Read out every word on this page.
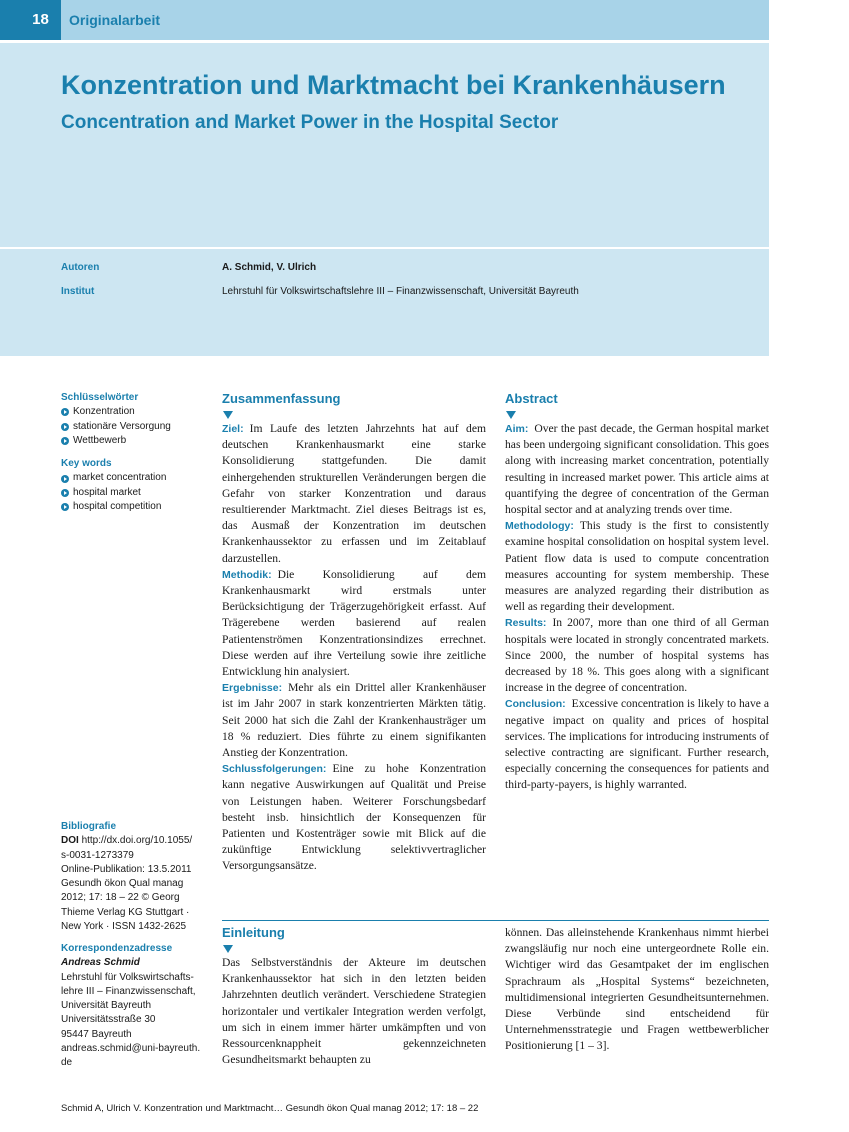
18	Originalarbeit
Konzentration und Marktmacht bei Krankenhäusern
Concentration and Market Power in the Hospital Sector
Autoren	A. Schmid, V. Ulrich
Institut	Lehrstuhl für Volkswirtschaftslehre III – Finanzwissenschaft, Universität Bayreuth
Schlüsselwörter
Konzentration
stationäre Versorgung
Wettbewerb
Key words
market concentration
hospital market
hospital competition
Bibliografie
DOI http://dx.doi.org/10.1055/
s-0031-1273379
Online-Publikation: 13.5.2011
Gesundh ökon Qual manag
2012; 17: 18 – 22 © Georg
Thieme Verlag KG Stuttgart ·
New York · ISSN 1432-2625
Korrespondenzadresse
Andreas Schmid
Lehrstuhl für Volkswirtschafts-
lehre III – Finanzwissenschaft,
Universität Bayreuth
Universitätsstraße 30
95447 Bayreuth
andreas.schmid@uni-bayreuth.
de
Zusammenfassung

Ziel: Im Laufe des letzten Jahrzehnts hat auf dem deutschen Krankenhausmarkt eine starke Konsolidierung stattgefunden. Die damit einhergehenden strukturellen Veränderungen bergen die Gefahr von starker Konzentration und daraus resultierender Marktmacht. Ziel dieses Beitrags ist es, das Ausmaß der Konzentration im deutschen Krankenhaussektor zu erfassen und im Zeitablauf darzustellen.

Methodik: Die Konsolidierung auf dem Krankenhausmarkt wird erstmals unter Berücksichtigung der Trägerzugehörigkeit erfasst. Auf Trägerebene werden basierend auf realen Patientenströmen Konzentrationsindizes errechnet. Diese werden auf ihre Verteilung sowie ihre zeitliche Entwicklung hin analysiert.

Ergebnisse: Mehr als ein Drittel aller Krankenhäuser ist im Jahr 2007 in stark konzentrierten Märkten tätig. Seit 2000 hat sich die Zahl der Krankenhausträger um 18 % reduziert. Dies führte zu einem signifikanten Anstieg der Konzentration.

Schlussfolgerungen: Eine zu hohe Konzentration kann negative Auswirkungen auf Qualität und Preise von Leistungen haben. Weiterer Forschungsbedarf besteht insb. hinsichtlich der Konsequenzen für Patienten und Kostenträger sowie mit Blick auf die zukünftige Entwicklung selektivvertraglicher Versorgungsansätze.

Abstract

Aim: Over the past decade, the German hospital market has been undergoing significant consolidation. This goes along with increasing market concentration, potentially resulting in increased market power. This article aims at quantifying the degree of concentration of the German hospital sector and at analyzing trends over time.

Methodology: This study is the first to consistently examine hospital consolidation on hospital system level. Patient flow data is used to compute concentration measures accounting for system membership. These measures are analyzed regarding their distribution as well as regarding their development.

Results: In 2007, more than one third of all German hospitals were located in strongly concentrated markets. Since 2000, the number of hospital systems has decreased by 18 %. This goes along with a significant increase in the degree of concentration.

Conclusion: Excessive concentration is likely to have a negative impact on quality and prices of hospital services. The implications for introducing instruments of selective contracting are significant. Further research, especially concerning the consequences for patients and third-party-payers, is highly warranted.

Einleitung

Das Selbstverständnis der Akteure im deutschen Krankenhaussektor hat sich in den letzten beiden Jahrzehnten deutlich verändert. Verschiedene Strategien horizontaler und vertikaler Integration werden verfolgt, um sich in einem immer härter umkämpften und von Ressourcenknappheit gekennzeichneten Gesundheitsmarkt behaupten zu

können. Das alleinstehende Krankenhaus nimmt hierbei zwangsläufig nur noch eine untergeordnete Rolle ein. Wichtiger wird das Gesamtpaket der im englischen Sprachraum als „Hospital Systems“ bezeichneten, multidimensional integrierten Gesundheitsunternehmen. Diese Verbünde sind entscheidend für Unternehmensstrategie und Fragen wettbewerblicher Positionierung [1 – 3].

Schmid A, Ulrich V. Konzentration und Marktmacht… Gesundh ökon Qual manag 2012; 17: 18 – 22
